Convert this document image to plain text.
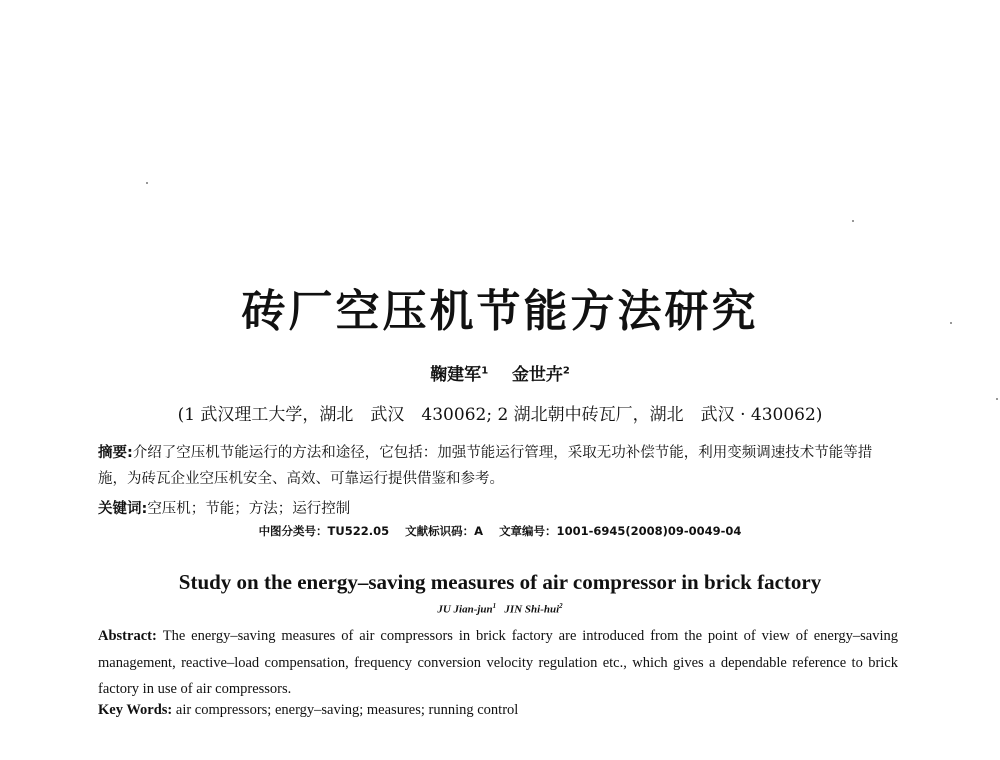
砖厂空压机节能方法研究
鞠建军$^1$ 金世卉$^2$
(1 武汉理工大学，湖北　武汉　430062; 2 湖北朝中砖瓦厂，湖北　武汉 · 430062)
摘要:介绍了空压机节能运行的方法和途径，它包括：加强节能运行管理，采取无功补偿节能，利用变频调速技术节能等措施，为砖瓦企业空压机安全、高效、可靠运行提供借鉴和参考。
关键词:空压机；节能；方法；运行控制
中图分类号：TU522.05 文献标识码：A 文章编号：1001-6945(2008)09-0049-04
Study on the energy–saving measures of air compressor in brick factory
JU Jian-jun$^1$ JIN Shi-hui$^2$
Abstract: The energy–saving measures of air compressors in brick factory are introduced from the point of view of energy–saving management, reactive–load compensation, frequency conversion velocity regulation etc., which gives a dependable reference to brick factory in use of air compressors.
Key Words: air compressors; energy–saving; measures; running control
